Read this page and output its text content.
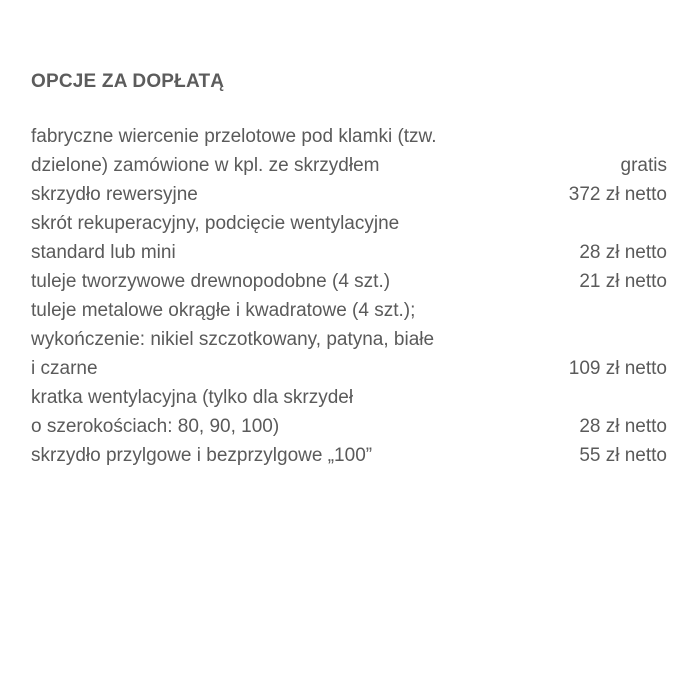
OPCJE ZA DOPŁATĄ
fabryczne wiercenie przelotowe pod klamki (tzw.
dzielone) zamówione w kpl. ze skrzydłem	gratis
skrzydło rewersyjne	372 zł netto
skrót rekuperacyjny, podcięcie wentylacyjne
standard lub mini	28 zł netto
tuleje tworzywowe drewnopodobne (4 szt.)	21 zł netto
tuleje metalowe okrągłe i kwadratowe (4 szt.);
wykończenie: nikiel szczotkowany, patyna, białe
i czarne	109 zł netto
kratka wentylacyjna (tylko dla skrzydeł
o szerokościach: 80, 90, 100)	28 zł netto
skrzydło przylgowe i bezprzylgowe „100”	55 zł netto
